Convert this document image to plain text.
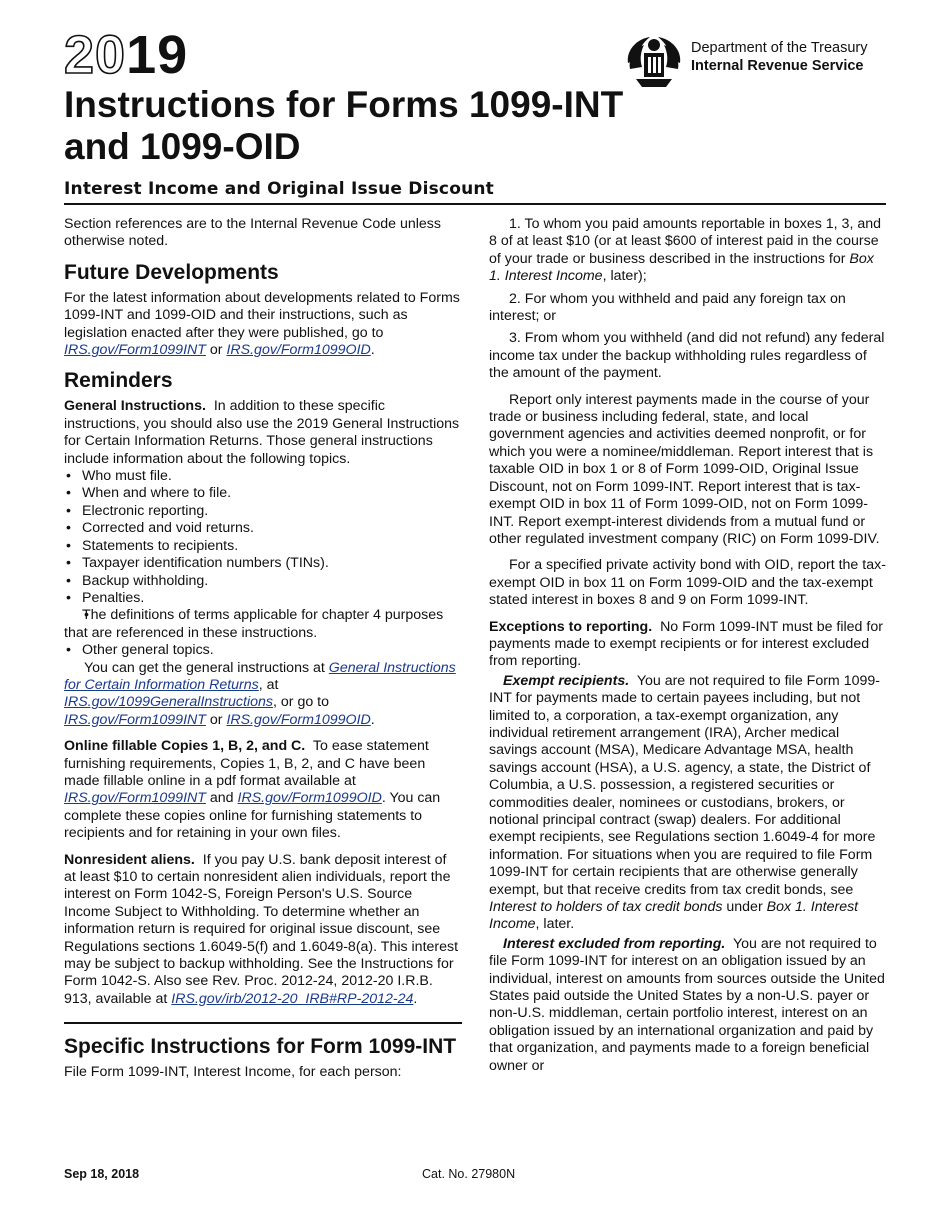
2019
Instructions for Forms 1099-INT and 1099-OID
Interest Income and Original Issue Discount
Department of the Treasury
Internal Revenue Service

Section references are to the Internal Revenue Code unless otherwise noted.

Future Developments

For the latest information about developments related to Forms 1099-INT and 1099-OID and their instructions, such as legislation enacted after they were published, go to IRS.gov/Form1099INT or IRS.gov/Form1099OID.

Reminders

General Instructions. In addition to these specific instructions, you should also use the 2019 General Instructions for Certain Information Returns. Those general instructions include information about the following topics.

• Who must file.
• When and where to file.
• Electronic reporting.
• Corrected and void returns.
• Statements to recipients.
• Taxpayer identification numbers (TINs).
• Backup withholding.
• Penalties.
• The definitions of terms applicable for chapter 4 purposes that are referenced in these instructions.
• Other general topics.

You can get the general instructions at General Instructions for Certain Information Returns, at IRS.gov/1099GeneralInstructions, or go to IRS.gov/Form1099INT or IRS.gov/Form1099OID.

Online fillable Copies 1, B, 2, and C. To ease statement furnishing requirements, Copies 1, B, 2, and C have been made fillable online in a pdf format available at IRS.gov/Form1099INT and IRS.gov/Form1099OID. You can complete these copies online for furnishing statements to recipients and for retaining in your own files.

Nonresident aliens. If you pay U.S. bank deposit interest of at least $10 to certain nonresident alien individuals, report the interest on Form 1042-S, Foreign Person's U.S. Source Income Subject to Withholding. To determine whether an information return is required for original issue discount, see Regulations sections 1.6049-5(f) and 1.6049-8(a). This interest may be subject to backup withholding. See the Instructions for Form 1042-S. Also see Rev. Proc. 2012-24, 2012-20 I.R.B. 913, available at IRS.gov/irb/2012-20_IRB#RP-2012-24.

Specific Instructions for Form 1099-INT

File Form 1099-INT, Interest Income, for each person:

1. To whom you paid amounts reportable in boxes 1, 3, and 8 of at least $10 (or at least $600 of interest paid in the course of your trade or business described in the instructions for Box 1. Interest Income, later);

2. For whom you withheld and paid any foreign tax on interest; or

3. From whom you withheld (and did not refund) any federal income tax under the backup withholding rules regardless of the amount of the payment.

Report only interest payments made in the course of your trade or business including federal, state, and local government agencies and activities deemed nonprofit, or for which you were a nominee/middleman. Report interest that is taxable OID in box 1 or 8 of Form 1099-OID, Original Issue Discount, not on Form 1099-INT. Report interest that is tax-exempt OID in box 11 of Form 1099-OID, not on Form 1099-INT. Report exempt-interest dividends from a mutual fund or other regulated investment company (RIC) on Form 1099-DIV.

For a specified private activity bond with OID, report the tax-exempt OID in box 11 on Form 1099-OID and the tax-exempt stated interest in boxes 8 and 9 on Form 1099-INT.

Exceptions to reporting. No Form 1099-INT must be filed for payments made to exempt recipients or for interest excluded from reporting.

Exempt recipients. You are not required to file Form 1099-INT for payments made to certain payees including, but not limited to, a corporation, a tax-exempt organization, any individual retirement arrangement (IRA), Archer medical savings account (MSA), Medicare Advantage MSA, health savings account (HSA), a U.S. agency, a state, the District of Columbia, a U.S. possession, a registered securities or commodities dealer, nominees or custodians, brokers, or notional principal contract (swap) dealers. For additional exempt recipients, see Regulations section 1.6049-4 for more information. For situations when you are required to file Form 1099-INT for certain recipients that are otherwise generally exempt, but that receive credits from tax credit bonds, see Interest to holders of tax credit bonds under Box 1. Interest Income, later.

Interest excluded from reporting. You are not required to file Form 1099-INT for interest on an obligation issued by an individual, interest on amounts from sources outside the United States paid outside the United States by a non-U.S. payer or non-U.S. middleman, certain portfolio interest, interest on an obligation issued by an international organization and paid by that organization, and payments made to a foreign beneficial owner or

Sep 18, 2018	Cat. No. 27980N
